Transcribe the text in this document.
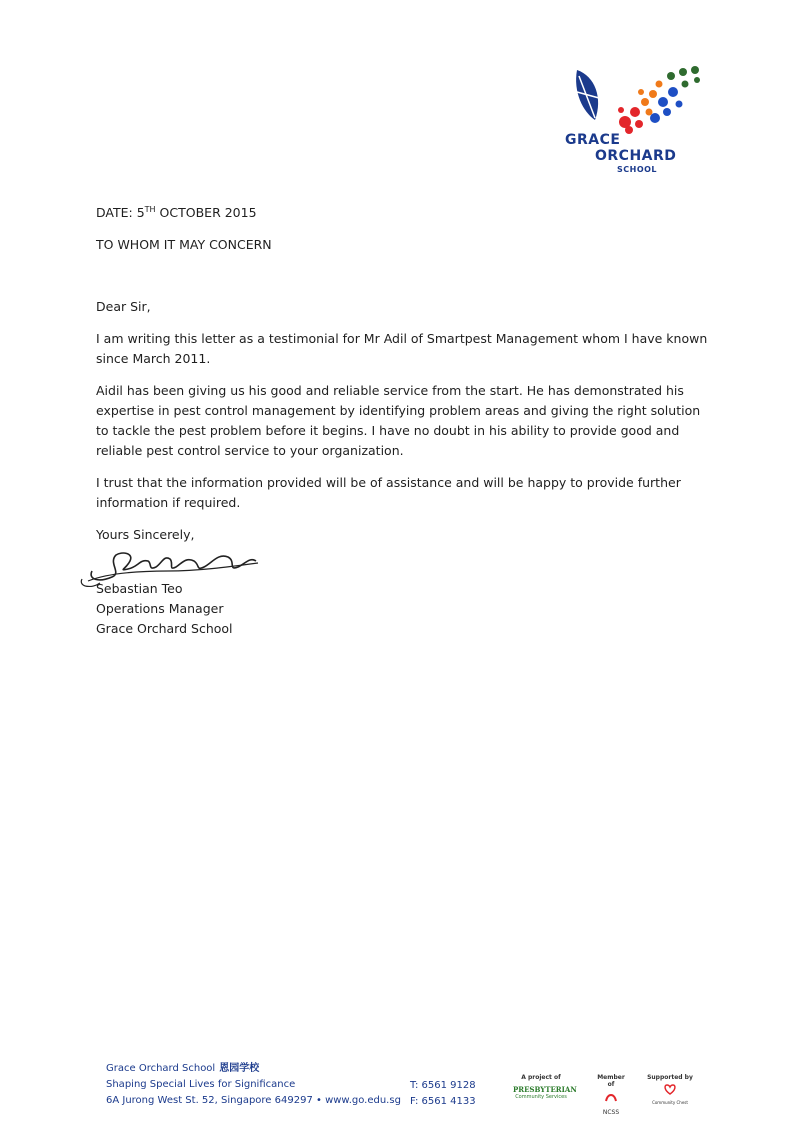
GRACE
ORCHARD
SCHOOL

DATE: 5TH OCTOBER 2015

TO WHOM IT MAY CONCERN

Dear Sir,

I am writing this letter as a testimonial for Mr Adil of Smartpest Management whom I have known since March 2011.

Aidil has been giving us his good and reliable service from the start. He has demonstrated his expertise in pest control management by identifying problem areas and giving the right solution to tackle the pest problem before it begins. I have no doubt in his ability to provide good and reliable pest control service to your organization.

I trust that the information provided will be of assistance and will be happy to provide further information if required.

Yours Sincerely,

Sebastian Teo

Operations Manager

Grace Orchard School

Grace Orchard School 恩园学校
Shaping Special Lives for Significance
6A Jurong West St. 52, Singapore 649297 • www.go.edu.sg
T: 6561 9128
F: 6561 4133
A project of
PRESBYTERIAN
Community Services
Member of
NCSS
Supported by
Community Chest
